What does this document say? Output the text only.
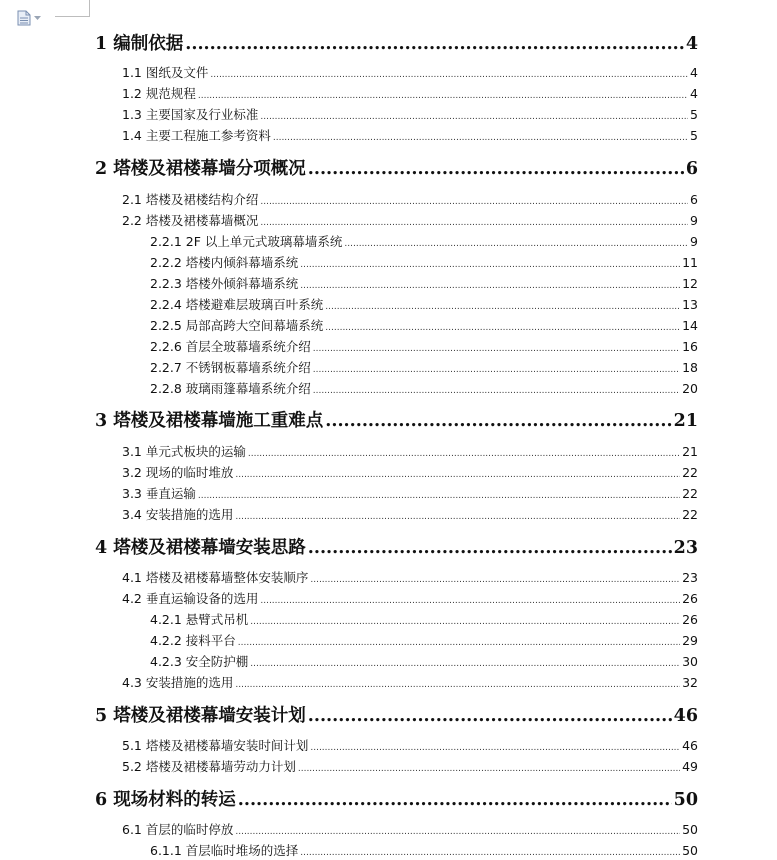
1 编制依据 .....	4
1.1 图纸及文件 .....	4
1.2 规范规程 .....	4
1.3 主要国家及行业标准 .....	5
1.4 主要工程施工参考资料 .....	5
2 塔楼及裙楼幕墙分项概况 .....	6
2.1 塔楼及裙楼结构介绍 .....	6
2.2 塔楼及裙楼幕墙概况 .....	9
2.2.1 2F 以上单元式玻璃幕墙系统 .....	9
2.2.2 塔楼内倾斜幕墙系统 .....	11
2.2.3 塔楼外倾斜幕墙系统 .....	12
2.2.4 塔楼避难层玻璃百叶系统 .....	13
2.2.5 局部高跨大空间幕墙系统 .....	14
2.2.6 首层全玻幕墙系统介绍 .....	16
2.2.7 不锈钢板幕墙系统介绍 .....	18
2.2.8 玻璃雨篷幕墙系统介绍 .....	20
3 塔楼及裙楼幕墙施工重难点 .....	21
3.1 单元式板块的运输 .....	21
3.2 现场的临时堆放 .....	22
3.3 垂直运输 .....	22
3.4 安装措施的选用 .....	22
4 塔楼及裙楼幕墙安装思路 .....	23
4.1 塔楼及裙楼幕墙整体安装顺序 .....	23
4.2 垂直运输设备的选用 .....	26
4.2.1 悬臂式吊机 .....	26
4.2.2 接料平台 .....	29
4.2.3 安全防护棚 .....	30
4.3 安装措施的选用 .....	32
5 塔楼及裙楼幕墙安装计划 .....	46
5.1 塔楼及裙楼幕墙安装时间计划 .....	46
5.2 塔楼及裙楼幕墙劳动力计划 .....	49
6 现场材料的转运 .....	50
6.1 首层的临时停放 .....	50
6.1.1 首层临时堆场的选择 .....	50
